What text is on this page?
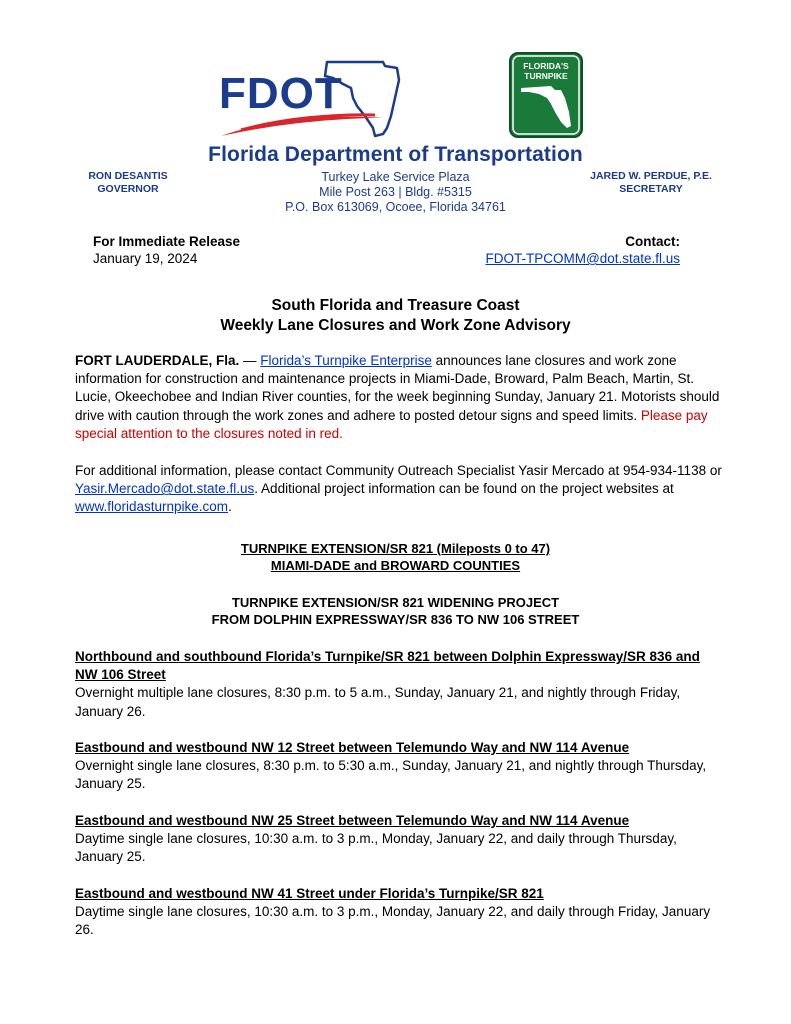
FDOT
FLORIDA'S
TURNPIKE
Florida Department of Transportation
Turkey Lake Service Plaza
Mile Post 263 | Bldg. #5315
P.O. Box 613069, Ocoee, Florida 34761
RON DESANTIS
GOVERNOR
JARED W. PERDUE, P.E.
SECRETARY
For Immediate Release
January 19, 2024
Contact:
FDOT-TPCOMM@dot.state.fl.us
South Florida and Treasure Coast
Weekly Lane Closures and Work Zone Advisory
FORT LAUDERDALE, Fla. — Florida’s Turnpike Enterprise announces lane closures and work zone information for construction and maintenance projects in Miami-Dade, Broward, Palm Beach, Martin, St. Lucie, Okeechobee and Indian River counties, for the week beginning Sunday, January 21. Motorists should drive with caution through the work zones and adhere to posted detour signs and speed limits. Please pay special attention to the closures noted in red.
For additional information, please contact Community Outreach Specialist Yasir Mercado at 954-934-1138 or Yasir.Mercado@dot.state.fl.us. Additional project information can be found on the project websites at www.floridasturnpike.com.
TURNPIKE EXTENSION/SR 821 (Mileposts 0 to 47)
MIAMI-DADE and BROWARD COUNTIES
TURNPIKE EXTENSION/SR 821 WIDENING PROJECT
FROM DOLPHIN EXPRESSWAY/SR 836 TO NW 106 STREET
Northbound and southbound Florida’s Turnpike/SR 821 between Dolphin Expressway/SR 836 and NW 106 Street
Overnight multiple lane closures, 8:30 p.m. to 5 a.m., Sunday, January 21, and nightly through Friday, January 26.
Eastbound and westbound NW 12 Street between Telemundo Way and NW 114 Avenue
Overnight single lane closures, 8:30 p.m. to 5:30 a.m., Sunday, January 21, and nightly through Thursday, January 25.
Eastbound and westbound NW 25 Street between Telemundo Way and NW 114 Avenue
Daytime single lane closures, 10:30 a.m. to 3 p.m., Monday, January 22, and daily through Thursday, January 25.
Eastbound and westbound NW 41 Street under Florida’s Turnpike/SR 821
Daytime single lane closures, 10:30 a.m. to 3 p.m., Monday, January 22, and daily through Friday, January 26.
